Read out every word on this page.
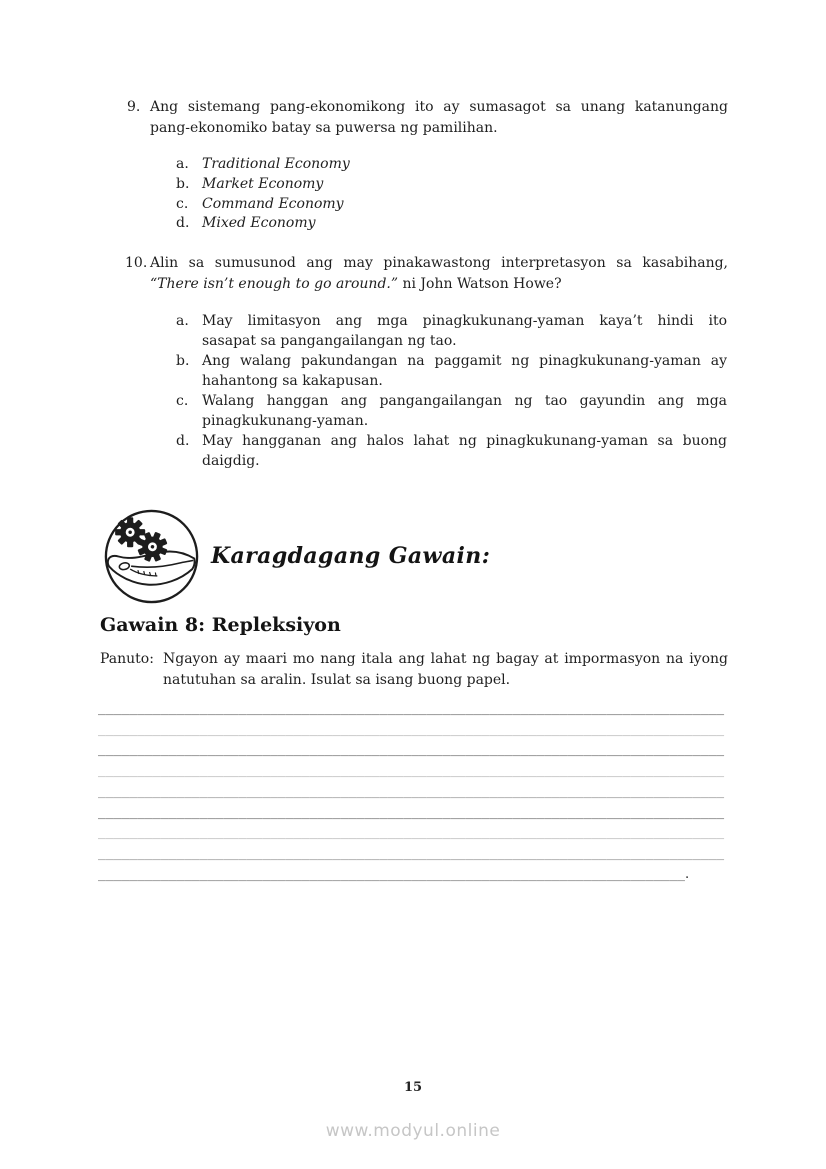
9. Ang sistemang pang-ekonomikong ito ay sumasagot sa unang katanungang
pang-ekonomiko batay sa puwersa ng pamilihan.
a. Traditional Economy
b. Market Economy
c. Command Economy
d. Mixed Economy
10. Alin sa sumusunod ang may pinakawastong interpretasyon sa kasabihang,
“There isn’t enough to go around.” ni John Watson Howe?
a. May limitasyon ang mga pinagkukunang-yaman kaya’t hindi ito
sasapat sa pangangailangan ng tao.
b. Ang walang pakundangan na paggamit ng pinagkukunang-yaman ay
hahantong sa kakapusan.
c. Walang hanggan ang pangangailangan ng tao gayundin ang mga
pinagkukunang-yaman.
d. May hangganan ang halos lahat ng pinagkukunang-yaman sa buong
daigdig.
Karagdagang Gawain:
Gawain 8: Repleksiyon
Panuto: Ngayon ay maari mo nang itala ang lahat ng bagay at impormasyon na iyong
natutuhan sa aralin. Isulat sa isang buong papel.
________________________________________________________________________________
________________________________________________________________________________
________________________________________________________________________________
________________________________________________________________________________
________________________________________________________________________________
________________________________________________________________________________
________________________________________________________________________________
________________________________________________________________________________
___________________________________________________________________________.
15
www.modyul.online
